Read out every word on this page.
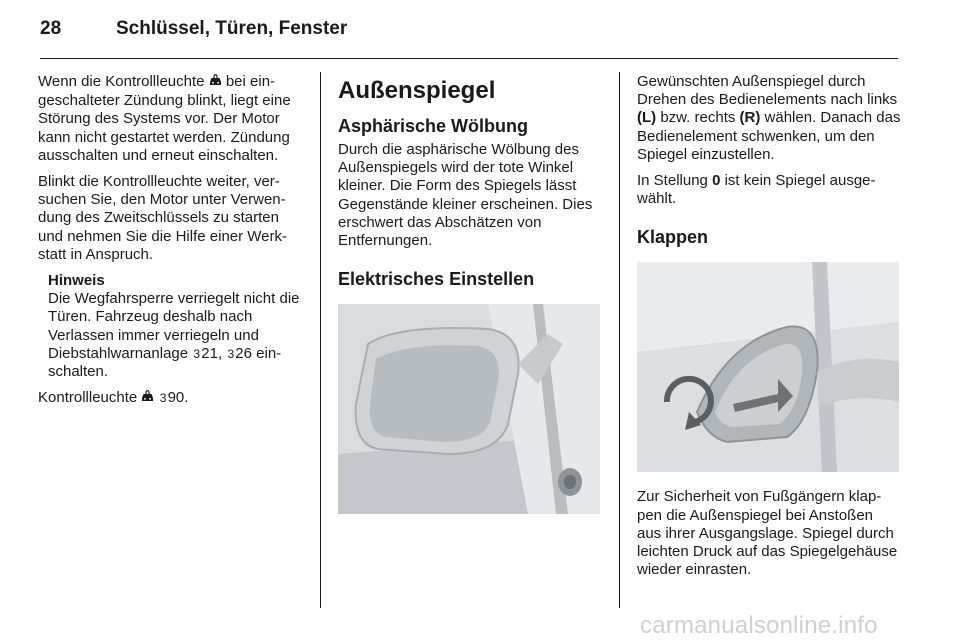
28	Schlüssel, Türen, Fenster

Wenn die Kontrollleuchte bei eingeschalteter Zündung blinkt, liegt eine Störung des Systems vor. Der Motor kann nicht gestartet werden. Zündung ausschalten und erneut einschalten.

Blinkt die Kontrollleuchte weiter, versuchen Sie, den Motor unter Verwendung des Zweitschlüssels zu starten und nehmen Sie die Hilfe einer Werkstatt in Anspruch.

Hinweis
Die Wegfahrsperre verriegelt nicht die Türen. Fahrzeug deshalb nach Verlassen immer verriegeln und Diebstahlwarnanlage 321, 326 einschalten.

Kontrollleuchte 390.

Außenspiegel
Asphärische Wölbung

Durch die asphärische Wölbung des Außenspiegels wird der tote Winkel kleiner. Die Form des Spiegels lässt Gegenstände kleiner erscheinen. Dies erschwert das Abschätzen von Entfernungen.

Elektrisches Einstellen

Gewünschten Außenspiegel durch Drehen des Bedienelements nach links (L) bzw. rechts (R) wählen. Danach das Bedienelement schwenken, um den Spiegel einzustellen.

In Stellung 0 ist kein Spiegel ausgewählt.

Klappen

Zur Sicherheit von Fußgängern klappen die Außenspiegel bei Anstoßen aus ihrer Ausgangslage. Spiegel durch leichten Druck auf das Spiegelgehäuse wieder einrasten.

carmanualsonline.info
